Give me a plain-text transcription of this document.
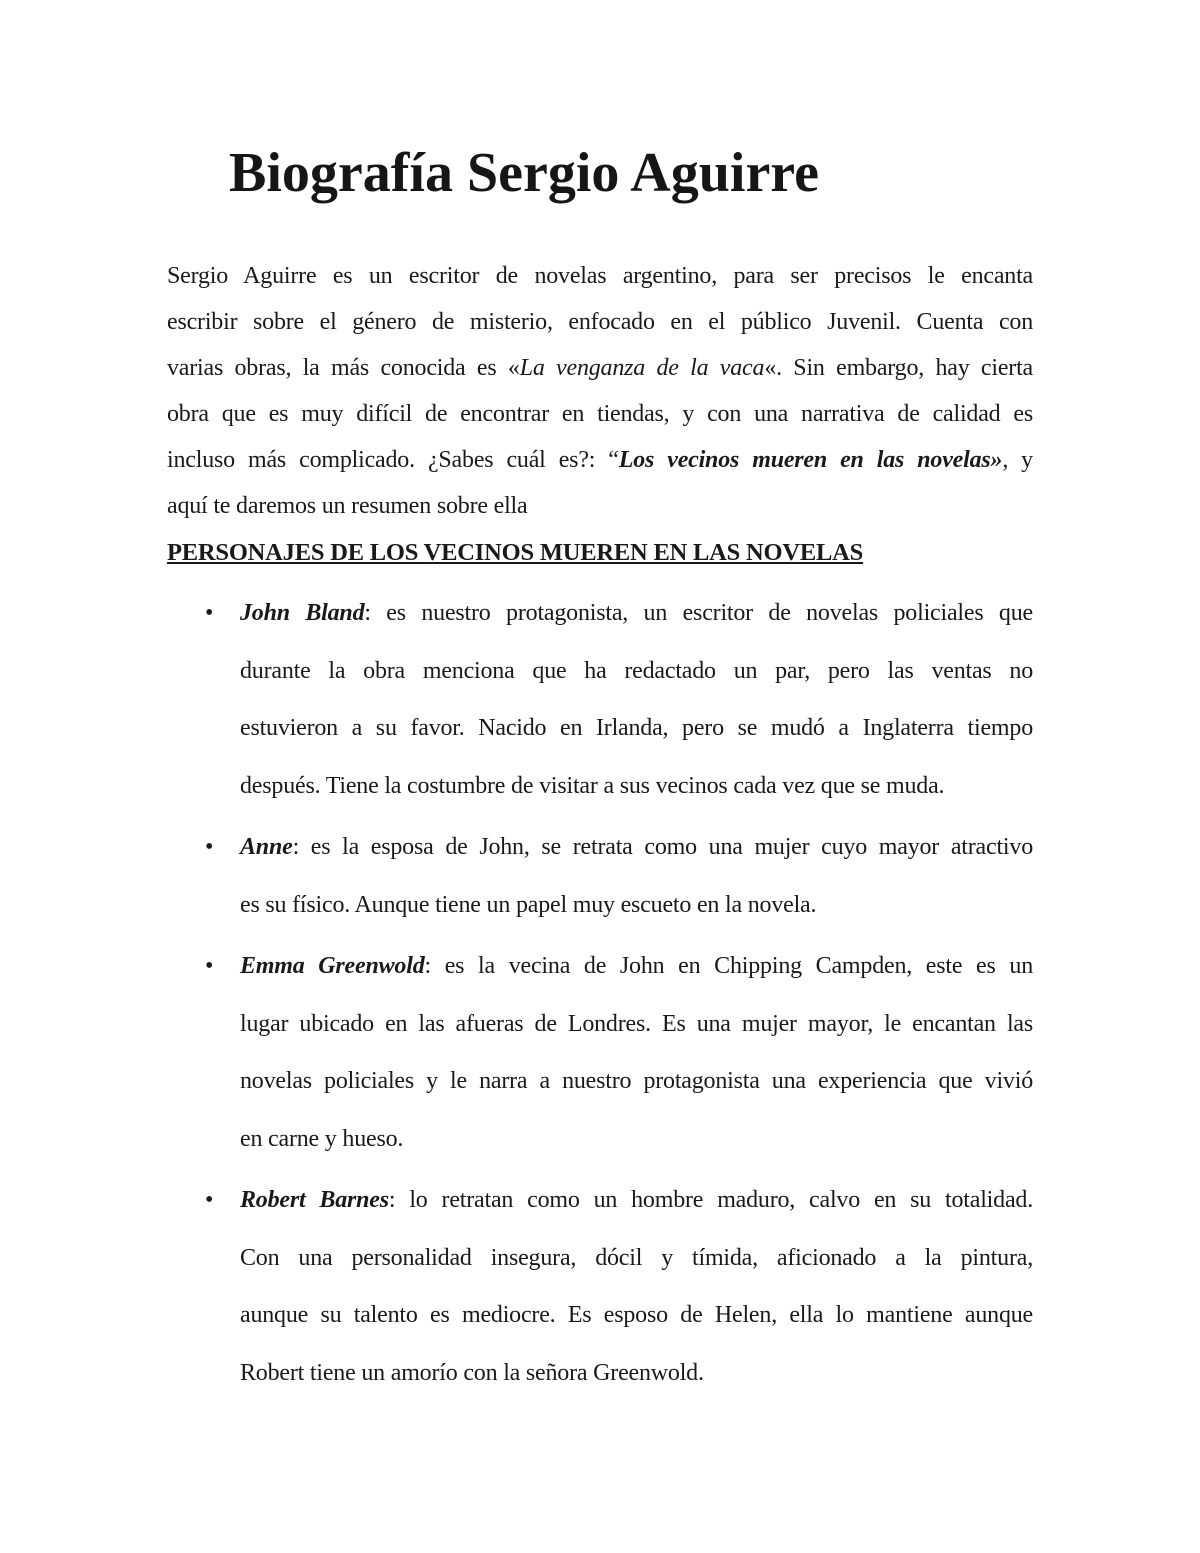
Biografía Sergio Aguirre
Sergio Aguirre es un escritor de novelas argentino, para ser precisos le encanta
escribir sobre el género de misterio, enfocado en el público Juvenil. Cuenta con
varias obras, la más conocida es «La venganza de la vaca«. Sin embargo, hay cierta
obra que es muy difícil de encontrar en tiendas, y con una narrativa de calidad es
incluso más complicado. ¿Sabes cuál es?: “Los vecinos mueren en las novelas», y
aquí te daremos un resumen sobre ella
PERSONAJES DE LOS VECINOS MUEREN EN LAS NOVELAS
• John Bland: es nuestro protagonista, un escritor de novelas policiales que
durante la obra menciona que ha redactado un par, pero las ventas no
estuvieron a su favor. Nacido en Irlanda, pero se mudó a Inglaterra tiempo
después. Tiene la costumbre de visitar a sus vecinos cada vez que se muda.
• Anne: es la esposa de John, se retrata como una mujer cuyo mayor atractivo
es su físico. Aunque tiene un papel muy escueto en la novela.
• Emma Greenwold: es la vecina de John en Chipping Campden, este es un
lugar ubicado en las afueras de Londres. Es una mujer mayor, le encantan las
novelas policiales y le narra a nuestro protagonista una experiencia que vivió
en carne y hueso.
• Robert Barnes: lo retratan como un hombre maduro, calvo en su totalidad.
Con una personalidad insegura, dócil y tímida, aficionado a la pintura,
aunque su talento es mediocre. Es esposo de Helen, ella lo mantiene aunque
Robert tiene un amorío con la señora Greenwold.
